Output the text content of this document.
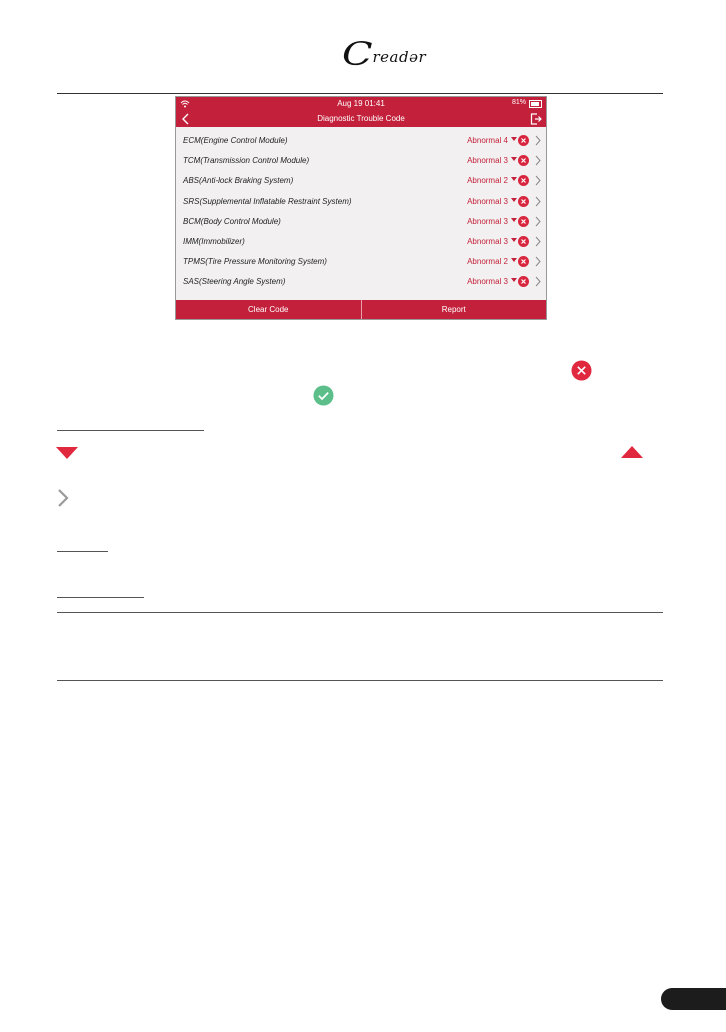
C readər
Aug 19 01:41	81%
Diagnostic Trouble Code
ECM(Engine Control Module)	Abnormal 4
TCM(Transmission Control Module)	Abnormal 3
ABS(Anti-lock Braking System)	Abnormal 2
SRS(Supplemental Inflatable Restraint System)	Abnormal 3
BCM(Body Control Module)	Abnormal 3
IMM(Immobilizer)	Abnormal 3
TPMS(Tire Pressure Monitoring System)	Abnormal 2
SAS(Steering Angle System)	Abnormal 3
Clear Code	Report
